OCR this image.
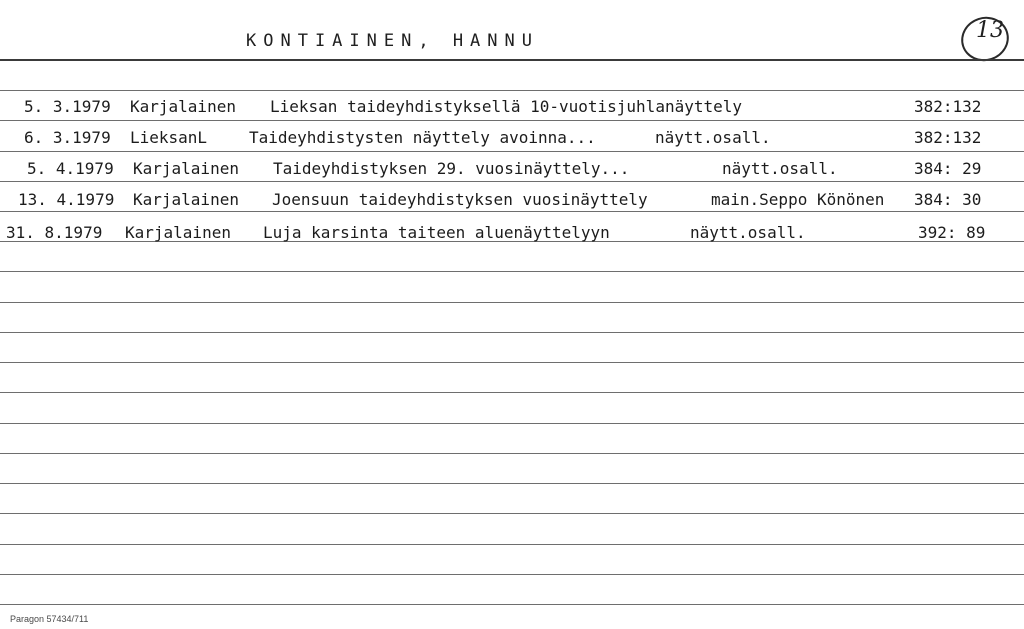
KONTIAINEN, HANNU	13
5. 3.1979 Karjalainen Lieksan taideyhdistyksellä 10-vuotisjuhlanäyttely	382:132
6. 3.1979 LieksanL	Taideyhdistysten näyttely avoinna...	näytt.osall.	382:132
5. 4.1979 Karjalainen Taideyhdistyksen 29. vuosinäyttely...	näytt.osall.	384: 29
13. 4.1979 Karjalainen Joensuun taideyhdistyksen vuosinäyttely	main.Seppo Könönen 384: 30
31. 8.1979 Karjalainen Luja karsinta taiteen aluenäyttelyyn	näytt.osall.	392: 89
Paragon 57434/711
